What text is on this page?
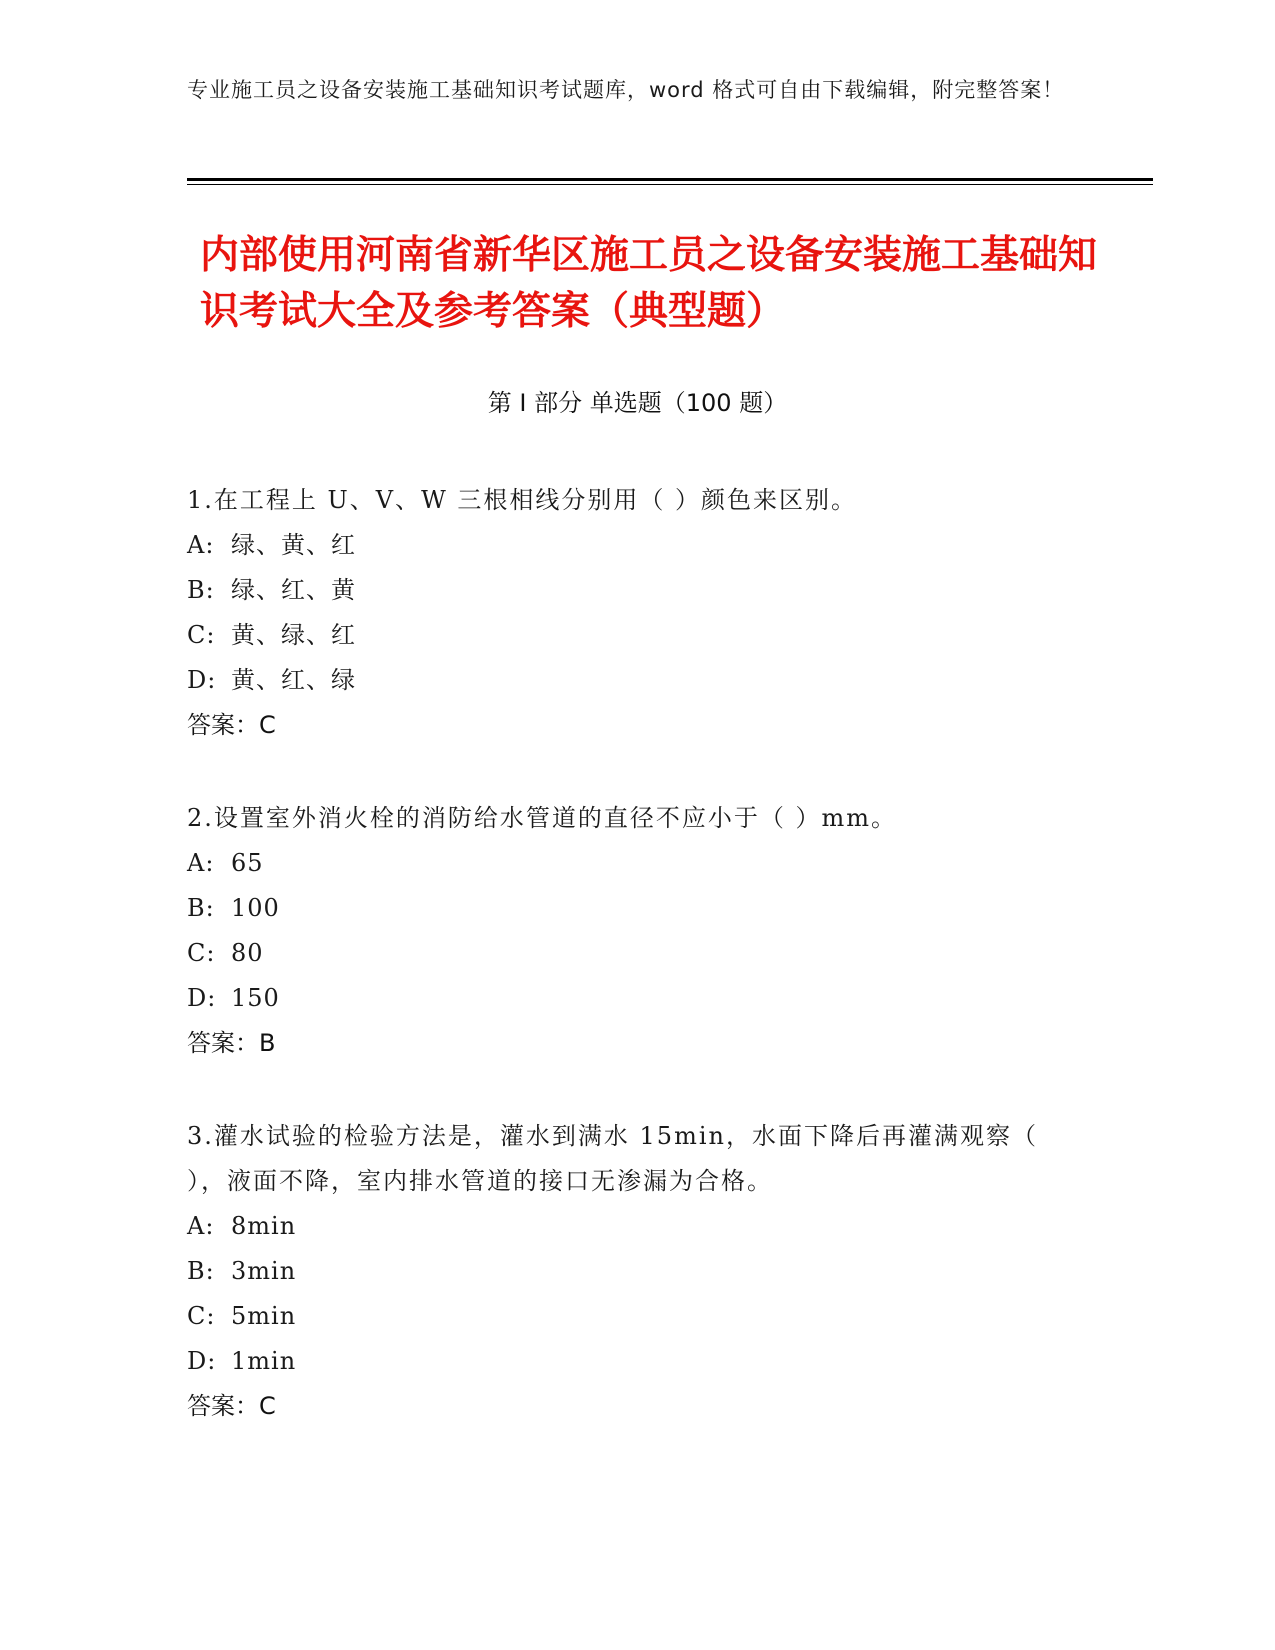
专业施工员之设备安装施工基础知识考试题库，word 格式可自由下载编辑，附完整答案！
内部使用河南省新华区施工员之设备安装施工基础知识考试大全及参考答案（典型题）
第 I 部分 单选题（100 题）
1.在工程上 U、V、W 三根相线分别用（ ）颜色来区别。
A: 绿、黄、红
B: 绿、红、黄
C: 黄、绿、红
D: 黄、红、绿
答案：C
2.设置室外消火栓的消防给水管道的直径不应小于（ ）mm。
A: 65
B: 100
C: 80
D: 150
答案：B
3.灌水试验的检验方法是，灌水到满水 15min，水面下降后再灌满观察（ ），液面不降，室内排水管道的接口无渗漏为合格。
A: 8min
B: 3min
C: 5min
D: 1min
答案：C
